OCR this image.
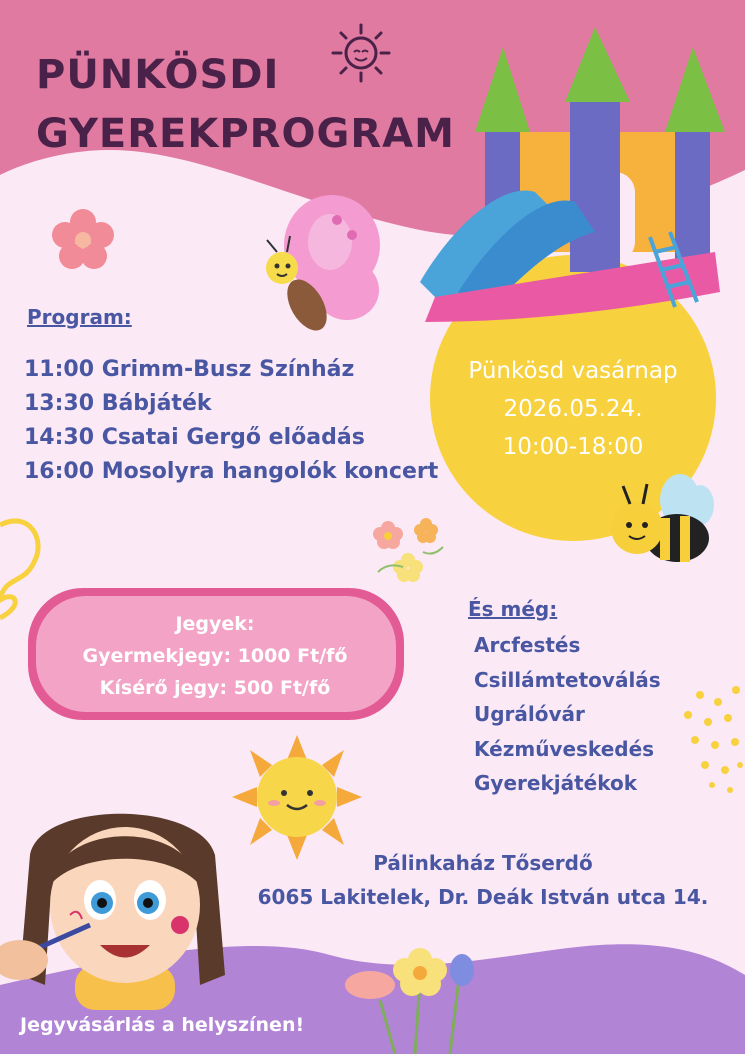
PÜNKÖSDI
GYEREKPROGRAM
Program:
11:00 Grimm-Busz Színház
13:30 Bábjáték
14:30 Csatai Gergő előadás
16:00 Mosolyra hangolók koncert
Pünkösd vasárnap
2026.05.24.
10:00-18:00
Jegyek:
Gyermekjegy: 1000 Ft/fő
Kísérő jegy: 500 Ft/fő
És még:
Arcfestés
Csillámtetoválás
Ugrálóvár
Kézműveskedés
Gyerekjátékok
Pálinkaház Tőserdő
6065 Lakitelek, Dr. Deák István utca 14.
Jegyvásárlás a helyszínen!
